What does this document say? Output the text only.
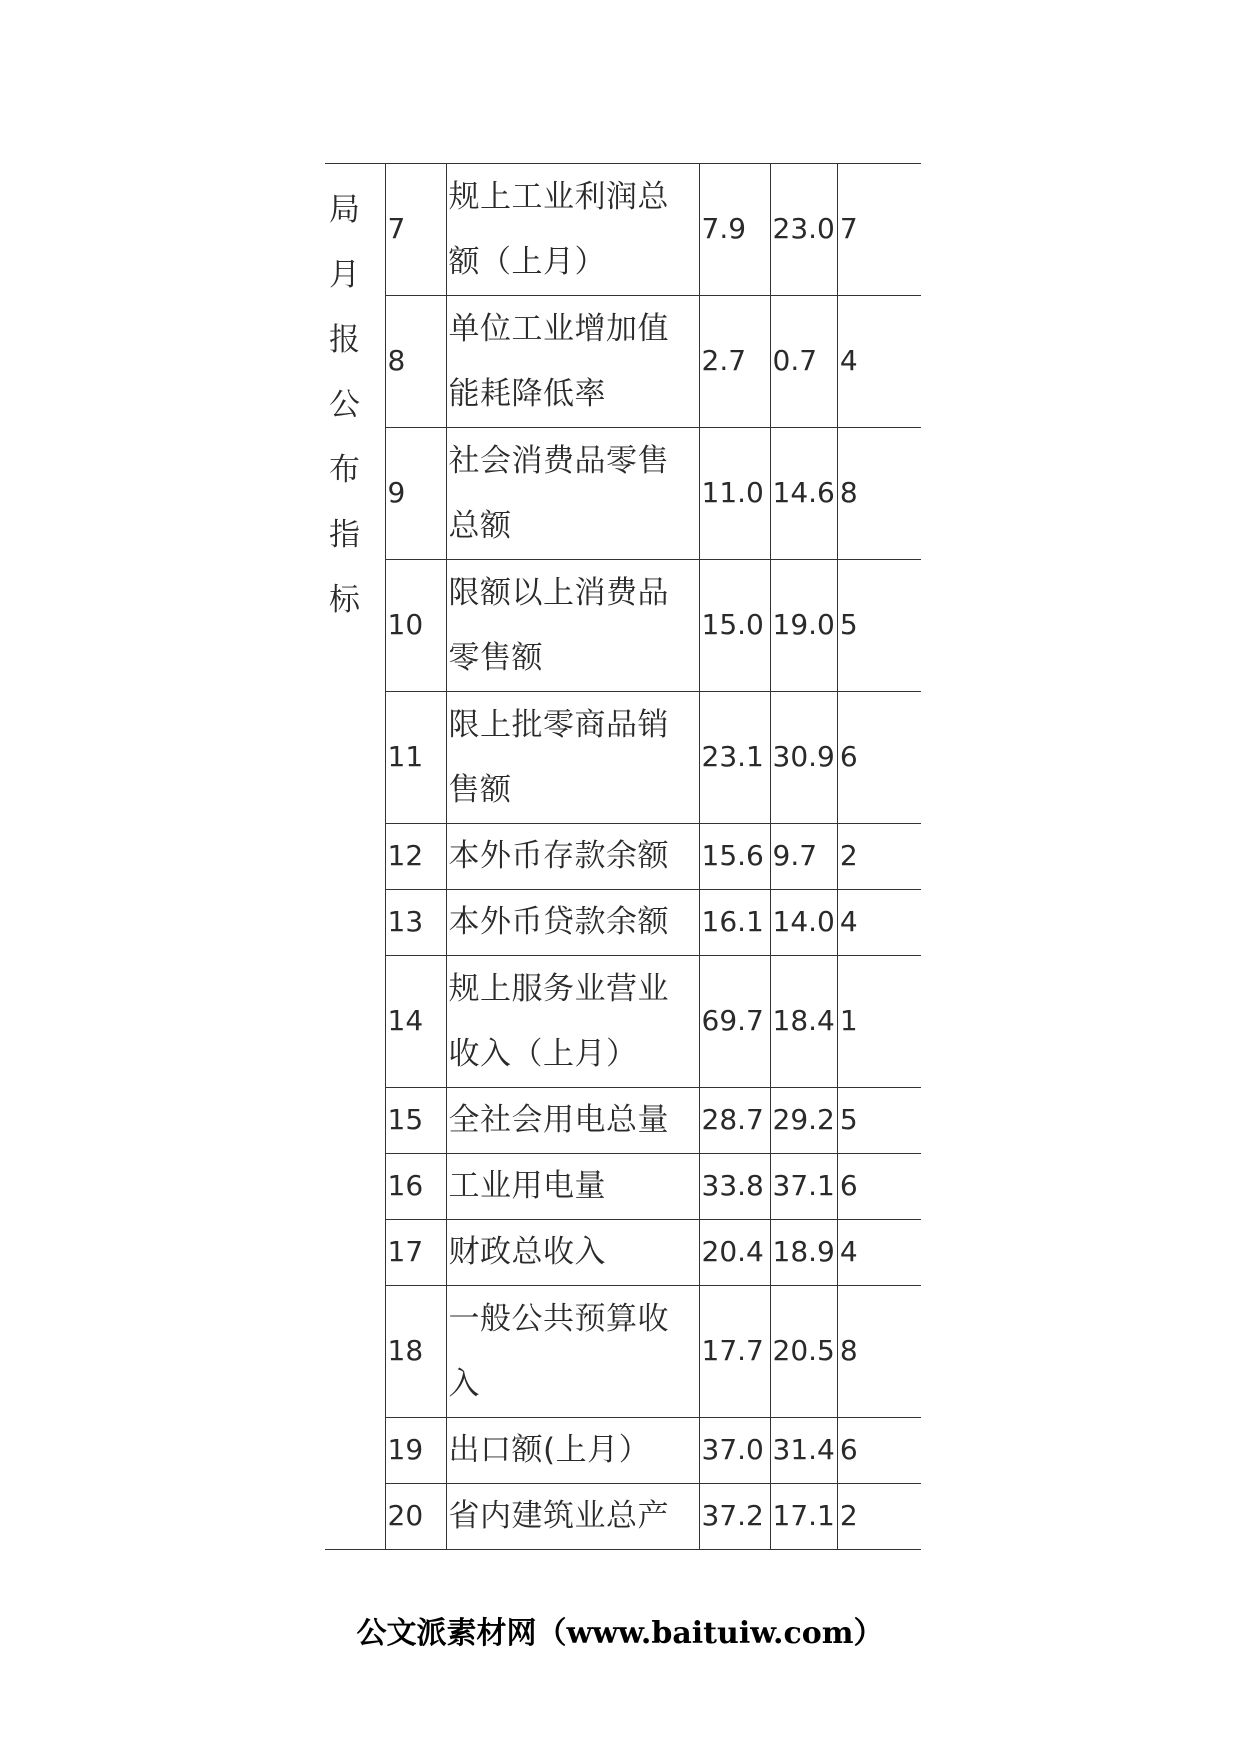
局月报公布指标	7	规上工业利润总额（上月）	7.9	23.0	7
	8	单位工业增加值能耗降低率	2.7	0.7	4
	9	社会消费品零售总额	11.0	14.6	8
	10	限额以上消费品零售额	15.0	19.0	5
	11	限上批零商品销售额	23.1	30.9	6
	12	本外币存款余额	15.6	9.7	2
	13	本外币贷款余额	16.1	14.0	4
	14	规上服务业营业收入（上月）	69.7	18.4	1
	15	全社会用电总量	28.7	29.2	5
	16	工业用电量	33.8	37.1	6
	17	财政总收入	20.4	18.9	4
	18	一般公共预算收入	17.7	20.5	8
	19	出口额(上月）	37.0	31.4	6
	20	省内建筑业总产	37.2	17.1	2
公文派素材网（www.baituiw.com）
